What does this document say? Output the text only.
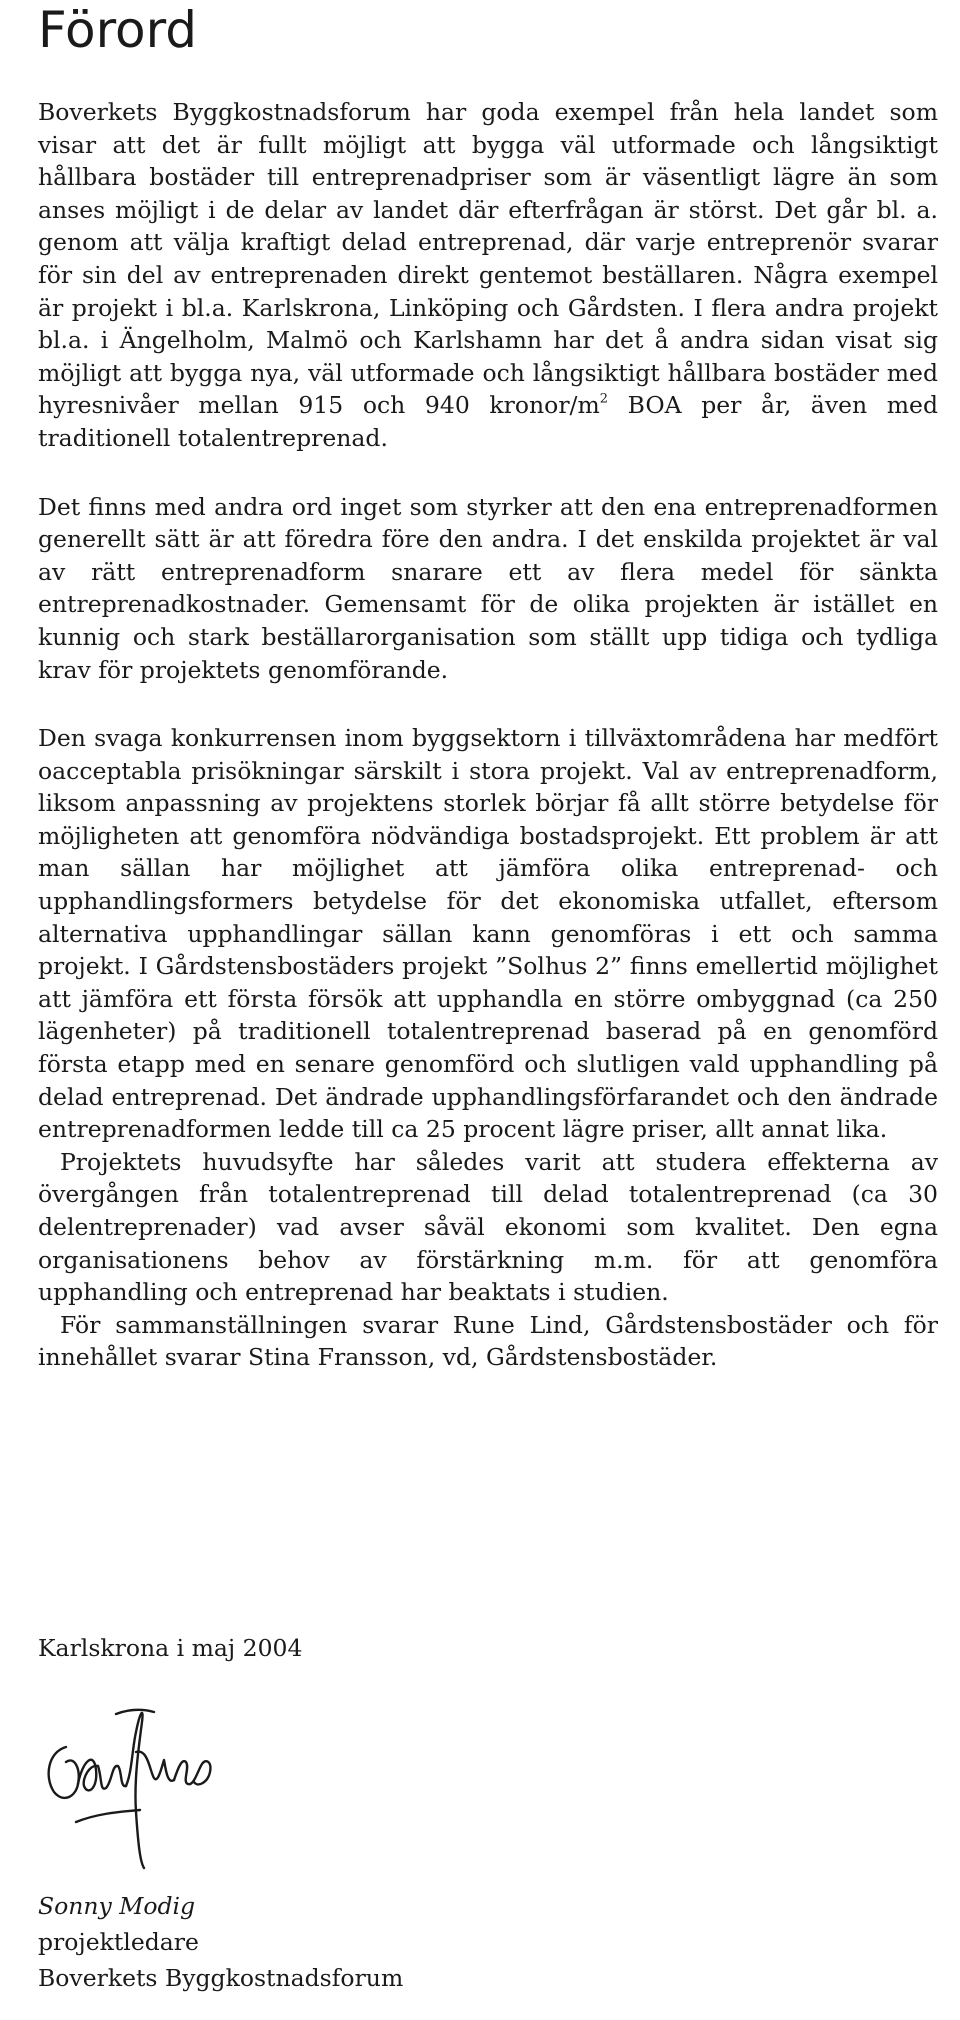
Förord

Boverkets Byggkostnadsforum har goda exempel från hela landet som visar att det är fullt möjligt att bygga väl utformade och långsiktigt hållbara bostäder till entreprenadpriser som är väsentligt lägre än som anses möjligt i de delar av landet där efterfrågan är störst. Det går bl. a. genom att välja kraftigt delad entreprenad, där varje entreprenör svarar för sin del av entreprenaden direkt gentemot beställaren. Några exempel är projekt i bl.a. Karlskrona, Linköping och Gårdsten. I flera andra projekt bl.a. i Ängelholm, Malmö och Karlshamn har det å andra sidan visat sig möjligt att bygga nya, väl utformade och långsiktigt hållbara bostäder med hyresnivåer mellan 915 och 940 kronor/$m^2$ BOA per år, även med traditionell totalentreprenad.

Det finns med andra ord inget som styrker att den ena entreprenadformen generellt sätt är att föredra före den andra. I det enskilda projektet är val av rätt entreprenadform snarare ett av flera medel för sänkta entreprenadkostnader. Gemensamt för de olika projekten är istället en kunnig och stark beställarorganisation som ställt upp tidiga och tydliga krav för projektets genomförande.

Den svaga konkurrensen inom byggsektorn i tillväxtområdena har medfört oacceptabla prisökningar särskilt i stora projekt. Val av entreprenadform, liksom anpassning av projektens storlek börjar få allt större betydelse för möjligheten att genomföra nödvändiga bostadsprojekt. Ett problem är att man sällan har möjlighet att jämföra olika entreprenad- och upphandlingsformers betydelse för det ekonomiska utfallet, eftersom alternativa upphandlingar sällan kann genomföras i ett och samma projekt. I Gårdstensbostäders projekt ”Solhus 2” finns emellertid möjlighet att jämföra ett första försök att upphandla en större ombyggnad (ca 250 lägenheter) på traditionell totalentreprenad baserad på en genomförd första etapp med en senare genomförd och slutligen vald upphandling på delad entreprenad. Det ändrade upphandlingsförfarandet och den ändrade entreprenadformen ledde till ca 25 procent lägre priser, allt annat lika.

Projektets huvudsyfte har således varit att studera effekterna av övergången från totalentreprenad till delad totalentreprenad (ca 30 delentreprenader) vad avser såväl ekonomi som kvalitet. Den egna organisationens behov av förstärkning m.m. för att genomföra upphandling och entreprenad har beaktats i studien.

För sammanställningen svarar Rune Lind, Gårdstensbostäder och för innehållet svarar Stina Fransson, vd, Gårdstensbostäder.

Karlskrona i maj 2004
Sonny Modig
projektledare
Boverkets Byggkostnadsforum
